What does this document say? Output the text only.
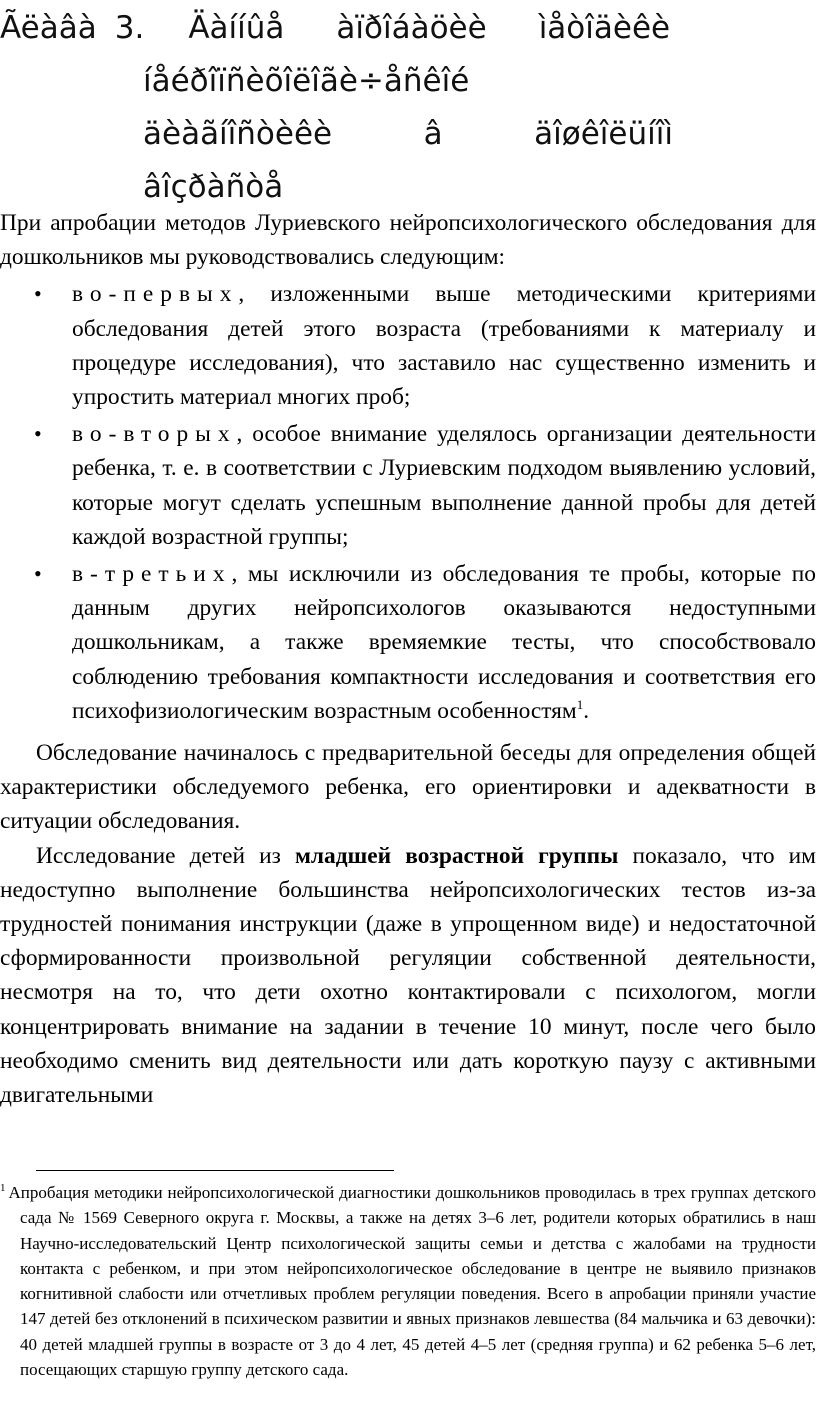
Ãëàâà 3. Äàííûå àïðîáàöèè ìåòîäèêè
íåéðîïñèõîëîãè÷åñêîé
äèàãíîñòèêè	â	äîøêîëüíîì
âîçðàñòå

При апробации методов Луриевского нейропсихологического обследования для дошкольников мы руководствовались следующим:

• во-первых, изложенными выше методическими критериями обследования детей этого возраста (требованиями к материалу и процедуре исследования), что заставило нас существенно изменить и упростить материал многих проб;
• во-вторых, особое внимание уделялось организации деятельности ребенка, т. е. в соответствии с Луриевским подходом выявлению условий, которые могут сделать успешным выполнение данной пробы для детей каждой возрастной группы;
• в-третьих, мы исключили из обследования те пробы, которые по данным других нейропсихологов оказываются недоступными дошкольникам, а также времяемкие тесты, что способствовало соблюдению требования компактности исследования и соответствия его психофизиологическим возрастным особенностям$^1$.

Обследование начиналось с предварительной беседы для определения общей характеристики обследуемого ребенка, его ориентировки и адекватности в ситуации обследования.

Исследование детей из младшей возрастной группы показало, что им недоступно выполнение большинства нейропсихологических тестов из-за трудностей понимания инструкции (даже в упрощенном виде) и недостаточной сформированности произвольной регуляции собственной деятельности, несмотря на то, что дети охотно контактировали с психологом, могли концентрировать внимание на задании в течение 10 минут, после чего было необходимо сменить вид деятельности или дать короткую паузу с активными двигательными

$^1$ Апробация методики нейропсихологической диагностики дошкольников проводилась в трех группах детского сада № 1569 Северного округа г. Москвы, а также на детях 3–6 лет, родители которых обратились в наш Научно-исследовательский Центр психологической защиты семьи и детства с жалобами на трудности контакта с ребенком, и при этом нейропсихологическое обследование в центре не выявило признаков когнитивной слабости или отчетливых проблем регуляции поведения. Всего в апробации приняли участие 147 детей без отклонений в психическом развитии и явных признаков левшества (84 мальчика и 63 девочки): 40 детей младшей группы в возрасте от 3 до 4 лет, 45 детей 4–5 лет (средняя группа) и 62 ребенка 5–6 лет, посещающих старшую группу детского сада.
